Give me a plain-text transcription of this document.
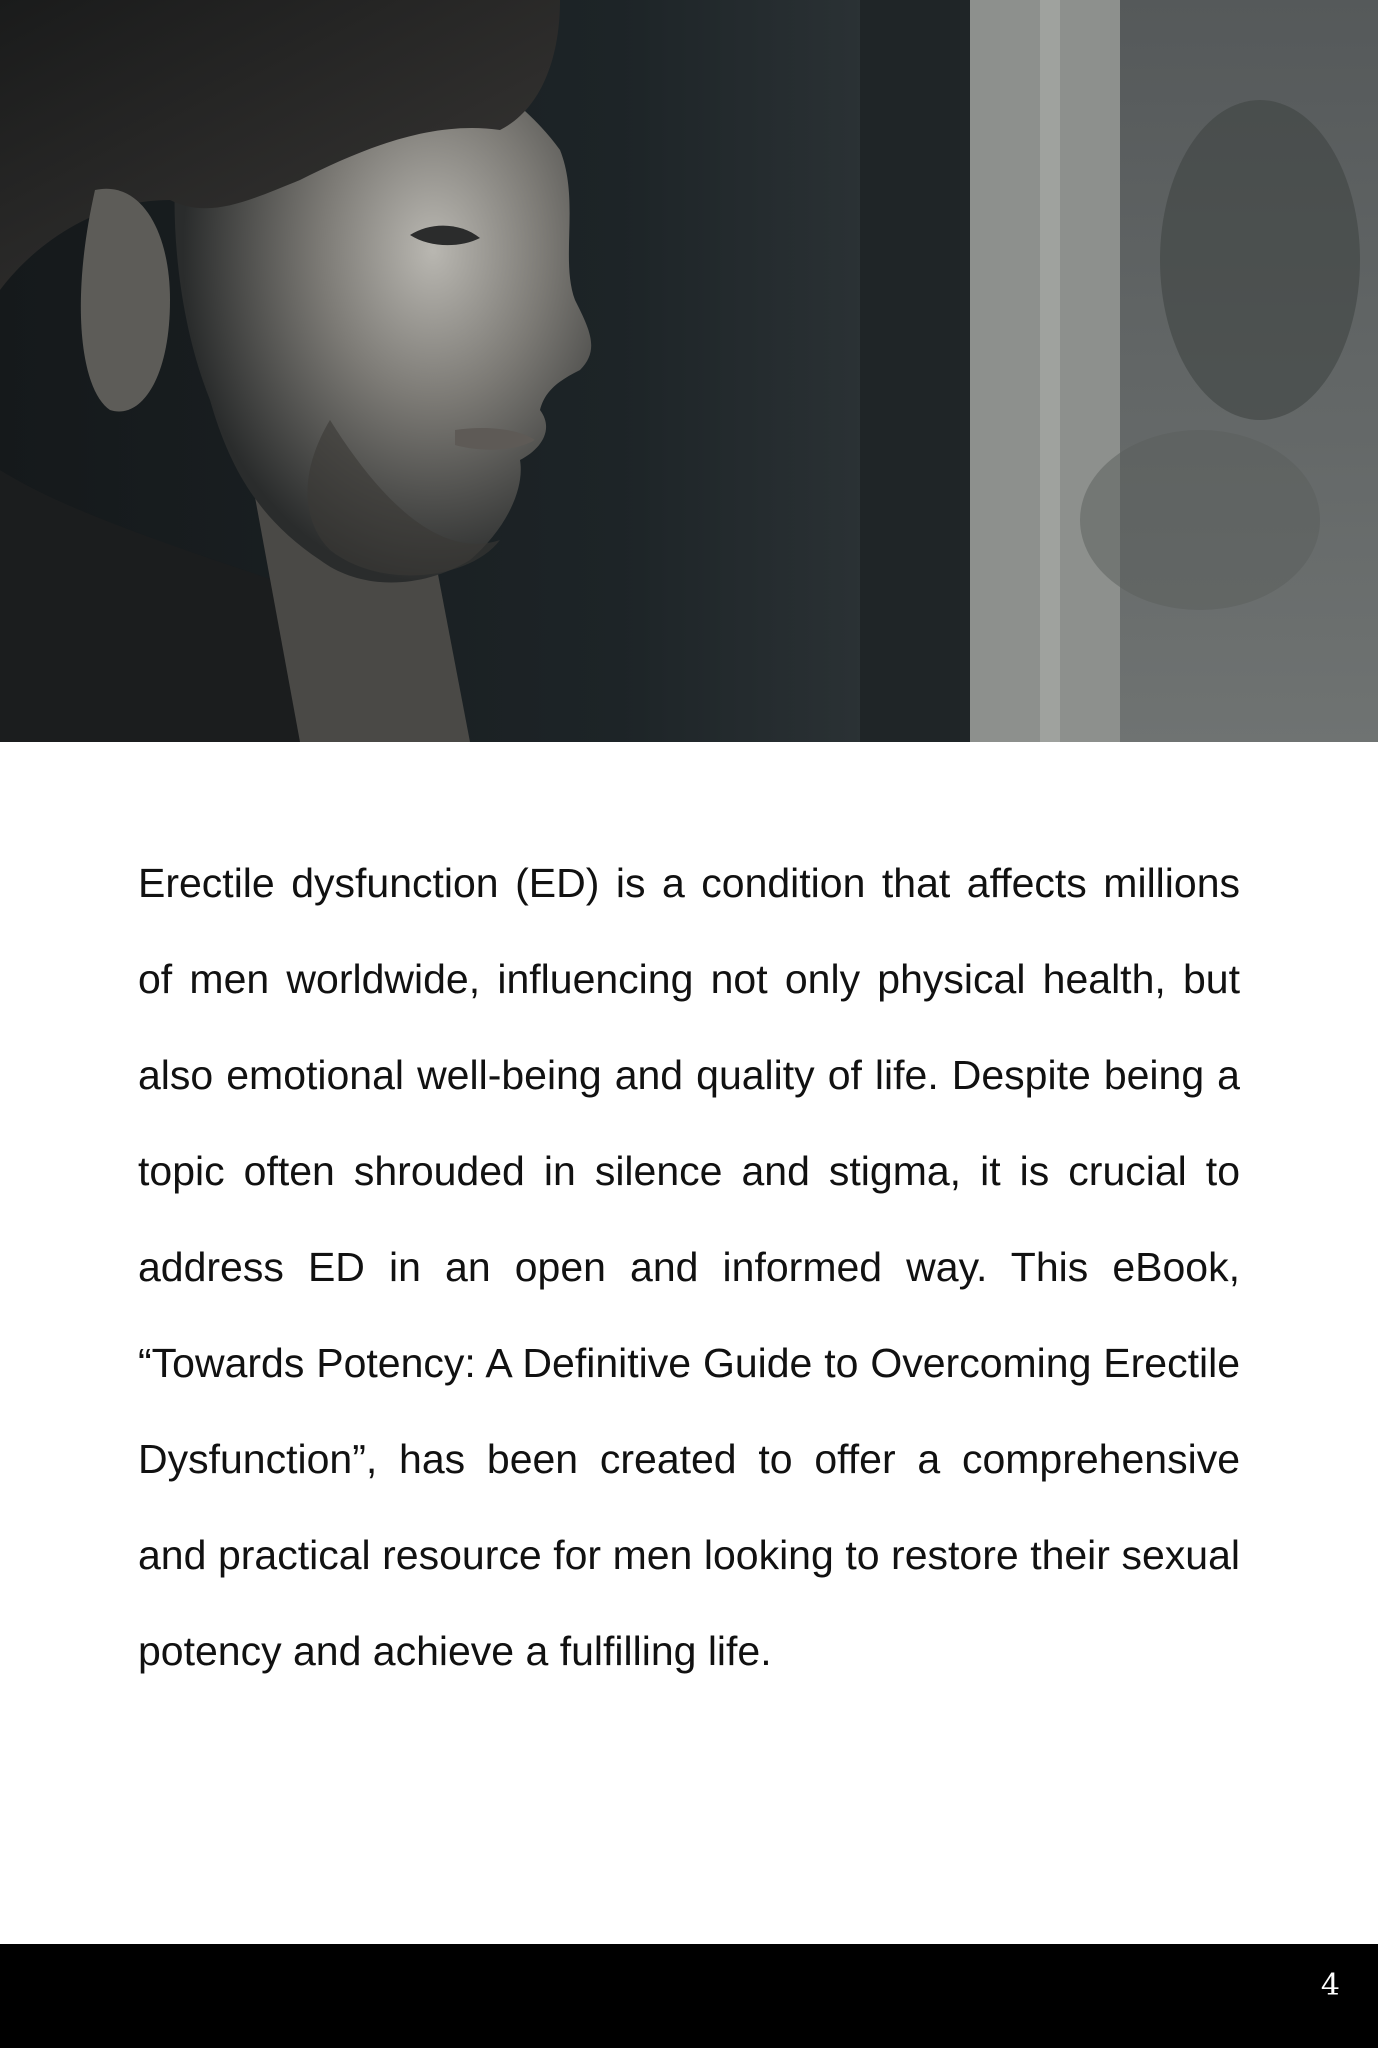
Erectile dysfunction (ED) is a condition that affects millions of men worldwide, influencing not only physical health, but also emotional well-being and quality of life. Despite being a topic often shrouded in silence and stigma, it is crucial to address ED in an open and informed way. This eBook, “Towards Potency: A Definitive Guide to Overcoming Erectile Dysfunction”, has been created to offer a comprehensive and practical resource for men looking to restore their sexual potency and achieve a fulfilling life.

4
